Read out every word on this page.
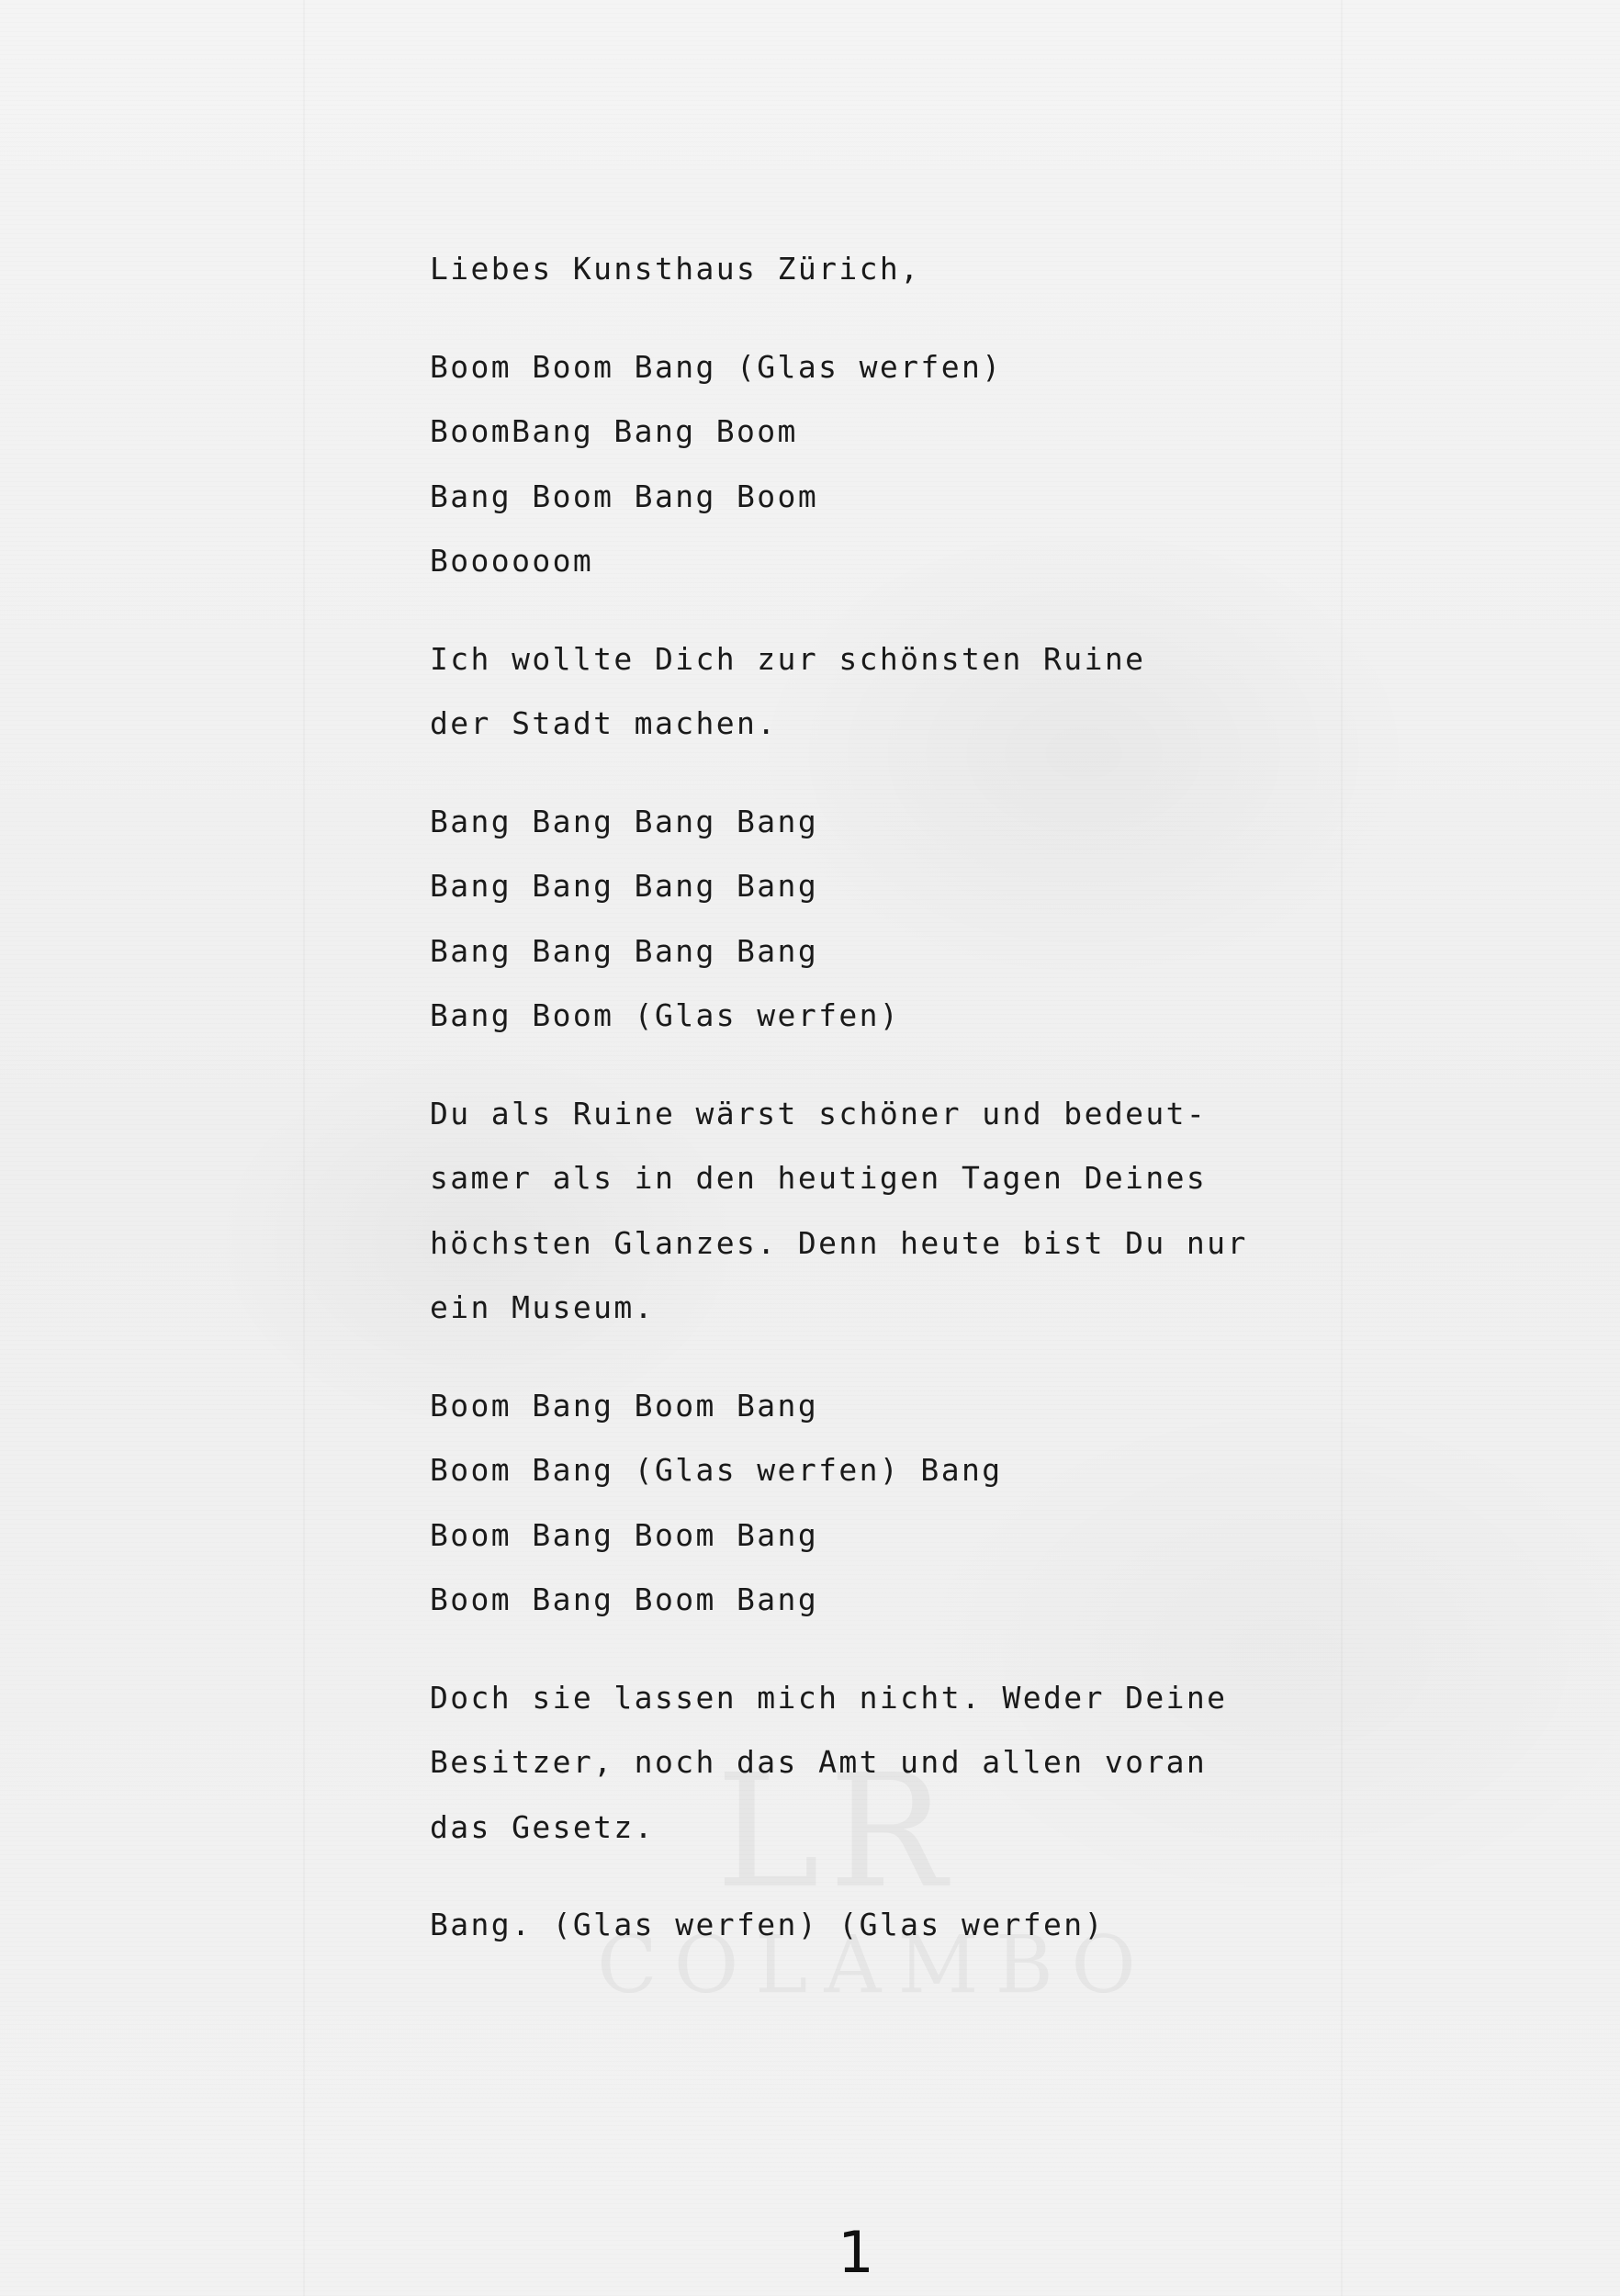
Liebes Kunsthaus Zürich,
Boom Boom Bang (Glas werfen)
BoomBang Bang Boom
Bang Boom Bang Boom
Boooooom
Ich wollte Dich zur schönsten Ruine
der Stadt machen.
Bang Bang Bang Bang
Bang Bang Bang Bang
Bang Bang Bang Bang
Bang Boom (Glas werfen)
Du als Ruine wärst schöner und bedeut-
samer als in den heutigen Tagen Deines
höchsten Glanzes. Denn heute bist Du nur
ein Museum.
Boom Bang Boom Bang
Boom Bang (Glas werfen) Bang
Boom Bang Boom Bang
Boom Bang Boom Bang
Doch sie lassen mich nicht. Weder Deine
Besitzer, noch das Amt und allen voran
das Gesetz.
Bang. (Glas werfen) (Glas werfen)
1
